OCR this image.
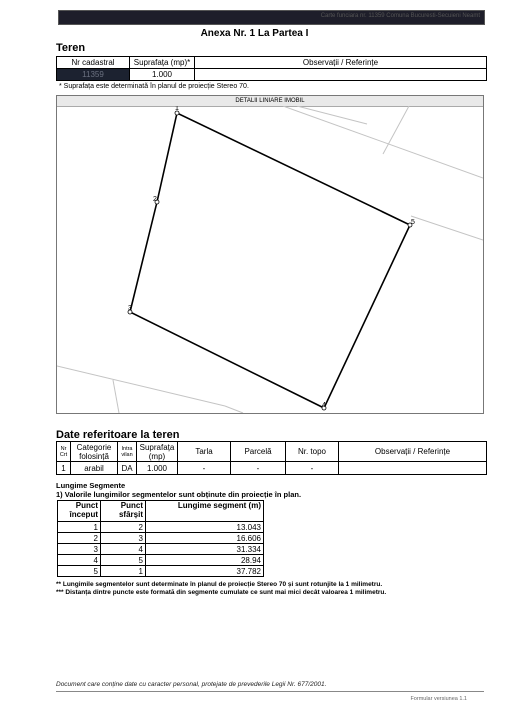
Carte funciara nr. 11359 Comuna Bucuresti-Secuieni Neamt
Anexa Nr. 1 La Partea I
Teren
Nr cadastral	Suprafața (mp)*	Observații / Referințe
11359	1.000	
* Suprafața este determinată în planul de proiecție Stereo 70.
DETALII LINIARE IMOBIL
1
2
3
4
5
Date referitoare la teren
Nr Crt	Categorie folosință	Intra vilan	Suprafața (mp)	Tarla	Parcelă	Nr. topo	Observații / Referințe
1	arabil	DA	1.000	-	-	-	
Lungime Segmente
1) Valorile lungimilor segmentelor sunt obținute din proiecție în plan.
Punct început	Punct sfârșit	Lungime segment (m)
1	2	13.043
2	3	16.606
3	4	31.334
4	5	28.94
5	1	37.782
** Lungimile segmentelor sunt determinate în planul de proiecție Stereo 70 și sunt rotunjite la 1 milimetru.
*** Distanța dintre puncte este formată din segmente cumulate ce sunt mai mici decât valoarea 1 milimetru.
Document care conține date cu caracter personal, protejate de prevederile Legii Nr. 677/2001.
Formular versiunea 1.1
